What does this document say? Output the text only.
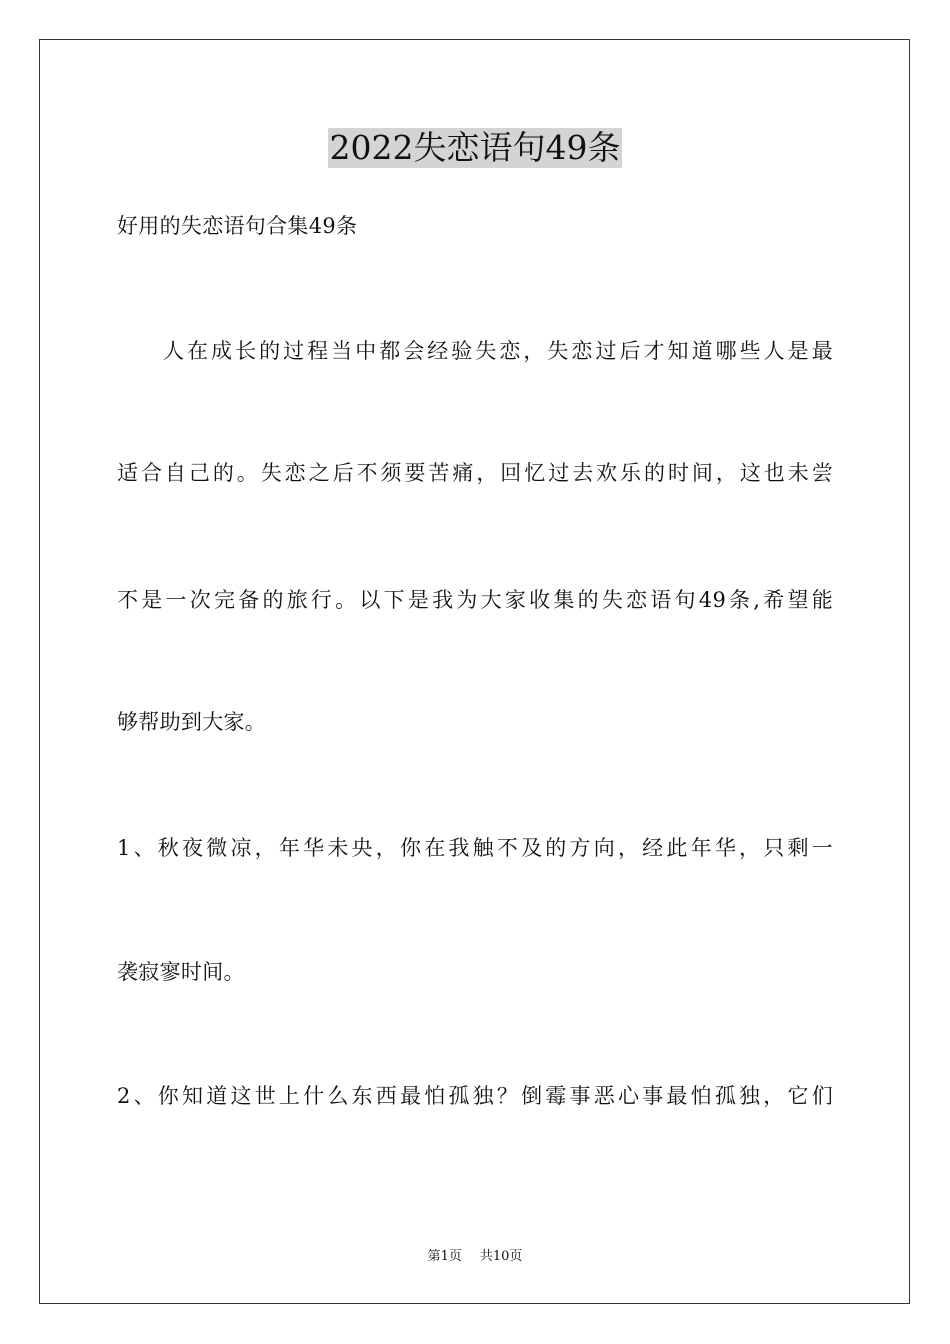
2022失恋语句49条
好用的失恋语句合集49条
人在成长的过程当中都会经验失恋，失恋过后才知道哪些人是最
适合自己的。失恋之后不须要苦痛，回忆过去欢乐的时间，这也未尝
不是一次完备的旅行。以下是我为大家收集的失恋语句49条,希望能
够帮助到大家。
1、秋夜微凉，年华未央，你在我触不及的方向，经此年华，只剩一
袭寂寥时间。
2、你知道这世上什么东西最怕孤独？倒霉事恶心事最怕孤独，它们
第1页 共10页
